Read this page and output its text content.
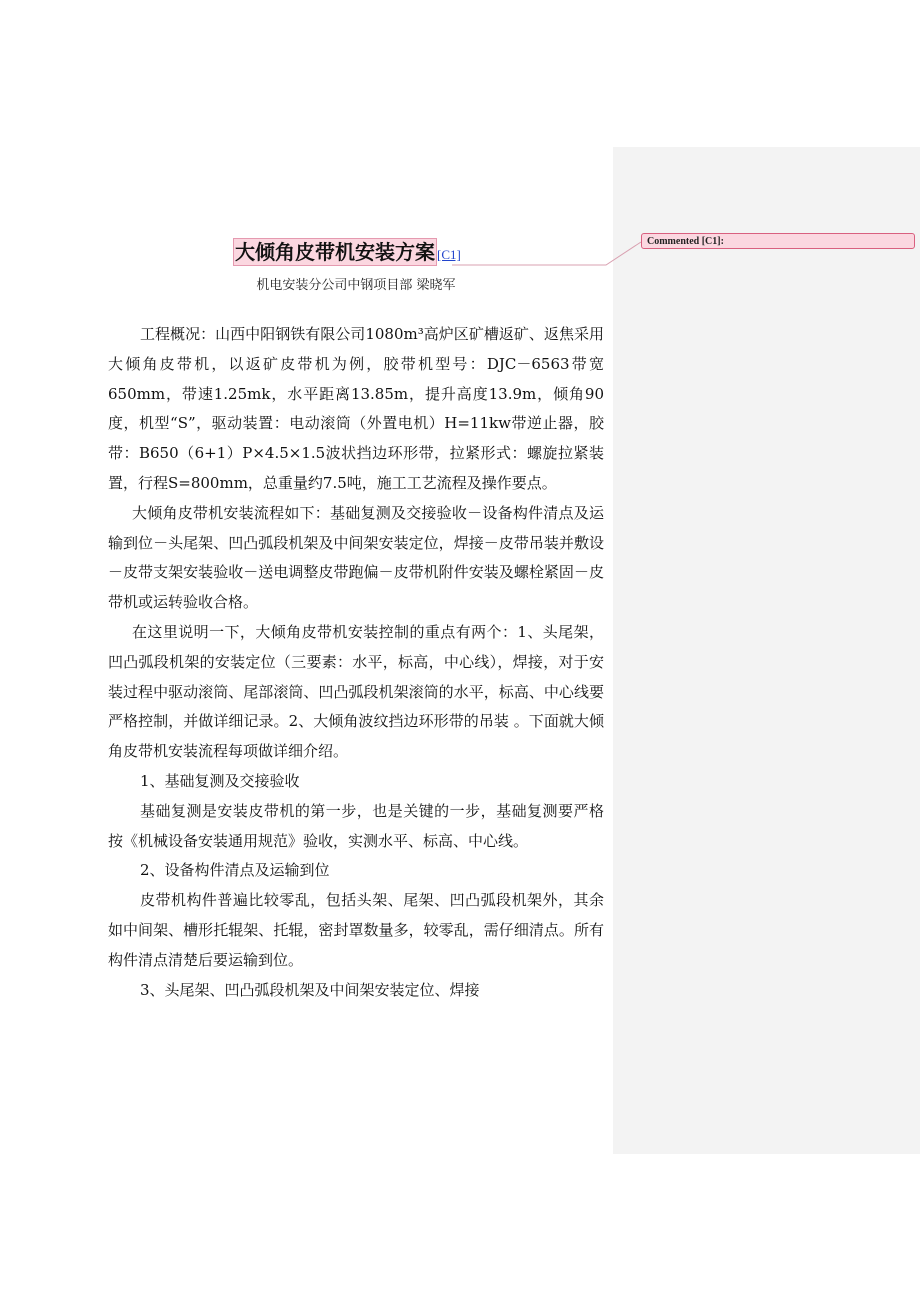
Commented [C1]:
大倾角皮带机安装方案 [C1]
机电安装分公司中钢项目部 梁晓军

工程概况：山西中阳钢铁有限公司1080m³高炉区矿槽返矿、返焦采用大倾角皮带机，以返矿皮带机为例，胶带机型号：DJC－6563带宽650mm，带速1.25mk，水平距离13.85m，提升高度13.9m，倾角90度，机型“S”，驱动装置：电动滚筒（外置电机）H=11kw带逆止器，胶带：B650（6+1）P×4.5×1.5波状挡边环形带，拉紧形式：螺旋拉紧装置，行程S=800mm，总重量约7.5吨，施工工艺流程及操作要点。

大倾角皮带机安装流程如下：基础复测及交接验收－设备构件清点及运输到位－头尾架、凹凸弧段机架及中间架安装定位，焊接－皮带吊装并敷设－皮带支架安装验收－送电调整皮带跑偏－皮带机附件安装及螺栓紧固－皮带机或运转验收合格。

在这里说明一下，大倾角皮带机安装控制的重点有两个：1、头尾架，凹凸弧段机架的安装定位（三要素：水平，标高，中心线），焊接，对于安装过程中驱动滚筒、尾部滚筒、凹凸弧段机架滚筒的水平，标高、中心线要严格控制，并做详细记录。2、大倾角波纹挡边环形带的吊装 。下面就大倾角皮带机安装流程每项做详细介绍。

1、基础复测及交接验收

基础复测是安装皮带机的第一步，也是关键的一步，基础复测要严格按《机械设备安装通用规范》验收，实测水平、标高、中心线。

2、设备构件清点及运输到位

皮带机构件普遍比较零乱，包括头架、尾架、凹凸弧段机架外，其余如中间架、槽形托辊架、托辊，密封罩数量多，较零乱，需仔细清点。所有构件清点清楚后要运输到位。

3、头尾架、凹凸弧段机架及中间架安装定位、焊接
